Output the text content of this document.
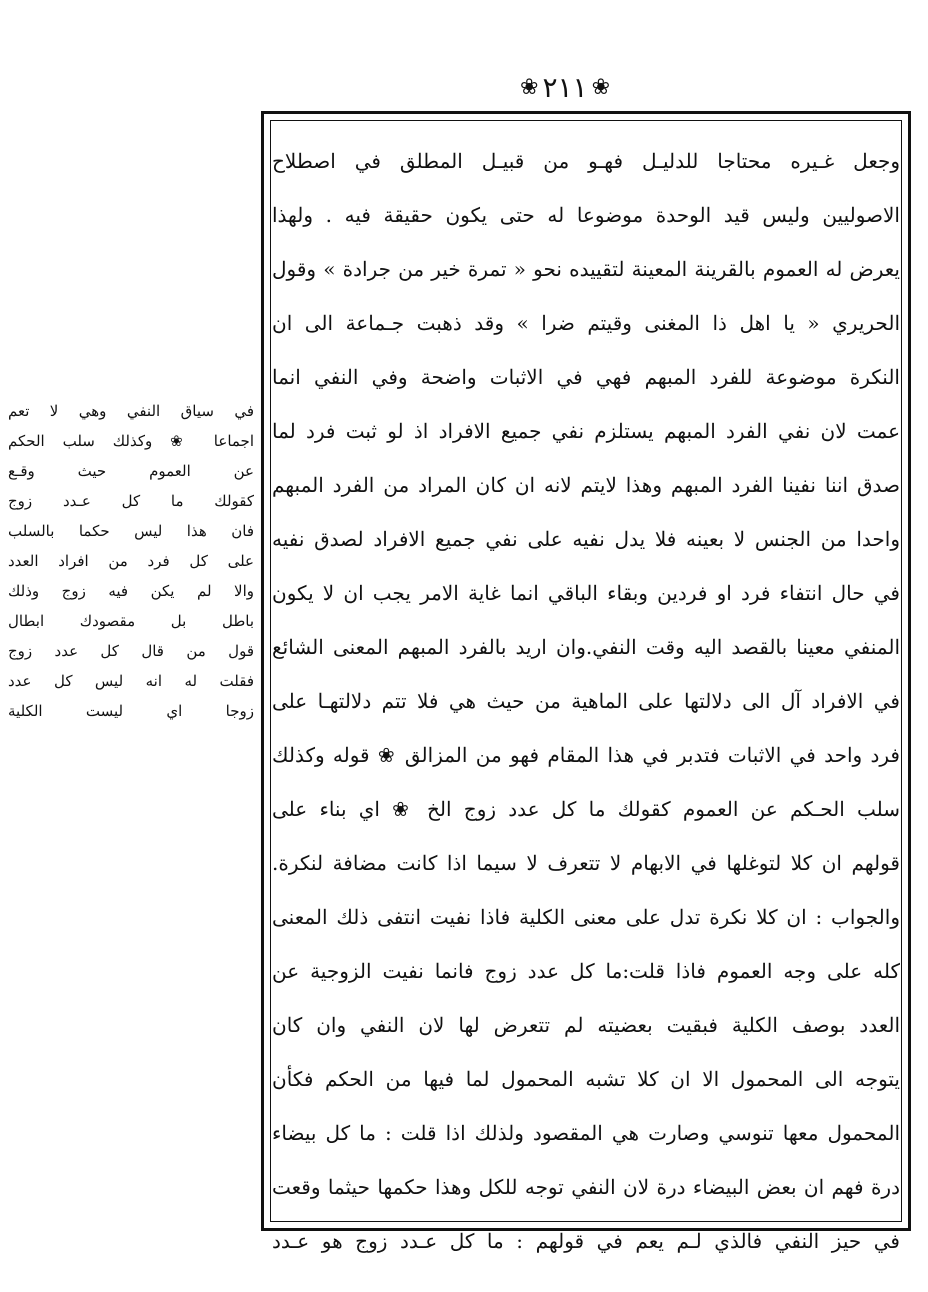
❀٢١١❀
وجعل غـيره محتاجا للدليـل فهـو من قبيـل المطلق في اصطلاح
الاصوليين وليس قيد الوحدة موضوعا له حتى يكون حقيقة فيه . ولهذا
يعرض له العموم بالقرينة المعينة لتقييده نحو « تمرة خير من جرادة » وقول
الحريري « يا اهل ذا المغنى وقيتم ضرا » وقد ذهبت جـماعة الى ان
النكرة موضوعة للفرد المبهم فهي في الاثبات واضحة وفي النفي انما
عمت لان نفي الفرد المبهم يستلزم نفي جميع الافراد اذ لو ثبت فرد لما
صدق اننا نفينا الفرد المبهم وهذا لايتم لانه ان كان المراد من الفرد المبهم
واحدا من الجنس لا بعينه فلا يدل نفيه على نفي جميع الافراد لصدق نفيه
في حال انتفاء فرد او فردين وبقاء الباقي انما غاية الامر يجب ان لا يكون
المنفي معينا بالقصد اليه وقت النفي.وان اريد بالفرد المبهم المعنى الشائع
في الافراد آل الى دلالتها على الماهية من حيث هي فلا تتم دلالتهـا على
فرد واحد في الاثبات فتدبر في هذا المقام فهو من المزالق ❀ قوله وكذلك
سلب الحـكم عن العموم كقولك ما كل عدد زوج الخ ❀ اي بناء على
قولهم ان كلا لتوغلها في الابهام لا تتعرف لا سيما اذا كانت مضافة لنكرة.
والجواب : ان كلا نكرة تدل على معنى الكلية فاذا نفيت انتفى ذلك المعنى
كله على وجه العموم فاذا قلت:ما كل عدد زوج فانما نفيت الزوجية عن
العدد بوصف الكلية فبقيت بعضيته لم تتعرض لها لان النفي وان كان
يتوجه الى المحمول الا ان كلا تشبه المحمول لما فيها من الحكم فكأن
المحمول معها تنوسي وصارت هي المقصود ولذلك اذا قلت : ما كل بيضاء
درة فهم ان بعض البيضاء درة لان النفي توجه للكل وهذا حكمها حيثما وقعت
في حيز النفي فالذي لـم يعم في قولهم : ما كل عـدد زوج هو عـدد
في سياق النفي وهي لا تعم
اجماعا ❀ وكذلك سلب الحكم
عن العموم حيث وقـع
كقولك ما كل عـدد زوج
فان هذا ليس حكما بالسلب
على كل فرد من افراد العدد
والا لم يكن فيه زوج وذلك
باطل بل مقصودك ابطال
قول من قال كل عدد زوج
فقلت له انه ليس كل عدد
زوجا اي ليست الكلية
